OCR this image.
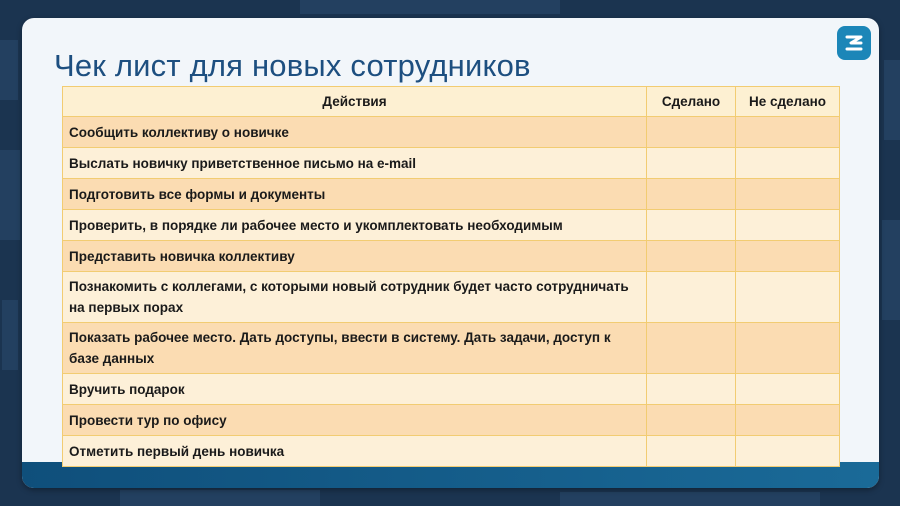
Чек лист для новых сотрудников
Действия	Сделано	Не сделано
Сообщить коллективу о новичке		
Выслать новичку приветственное письмо на e-mail		
Подготовить все формы и документы		
Проверить, в порядке ли рабочее место и укомплектовать необходимым		
Представить новичка коллективу		
Познакомить с коллегами, с которыми новый сотрудник будет часто сотрудничать на первых порах		
Показать рабочее место. Дать доступы, ввести в систему. Дать задачи, доступ к базе данных		
Вручить подарок		
Провести тур по офису		
Отметить первый день новичка		
